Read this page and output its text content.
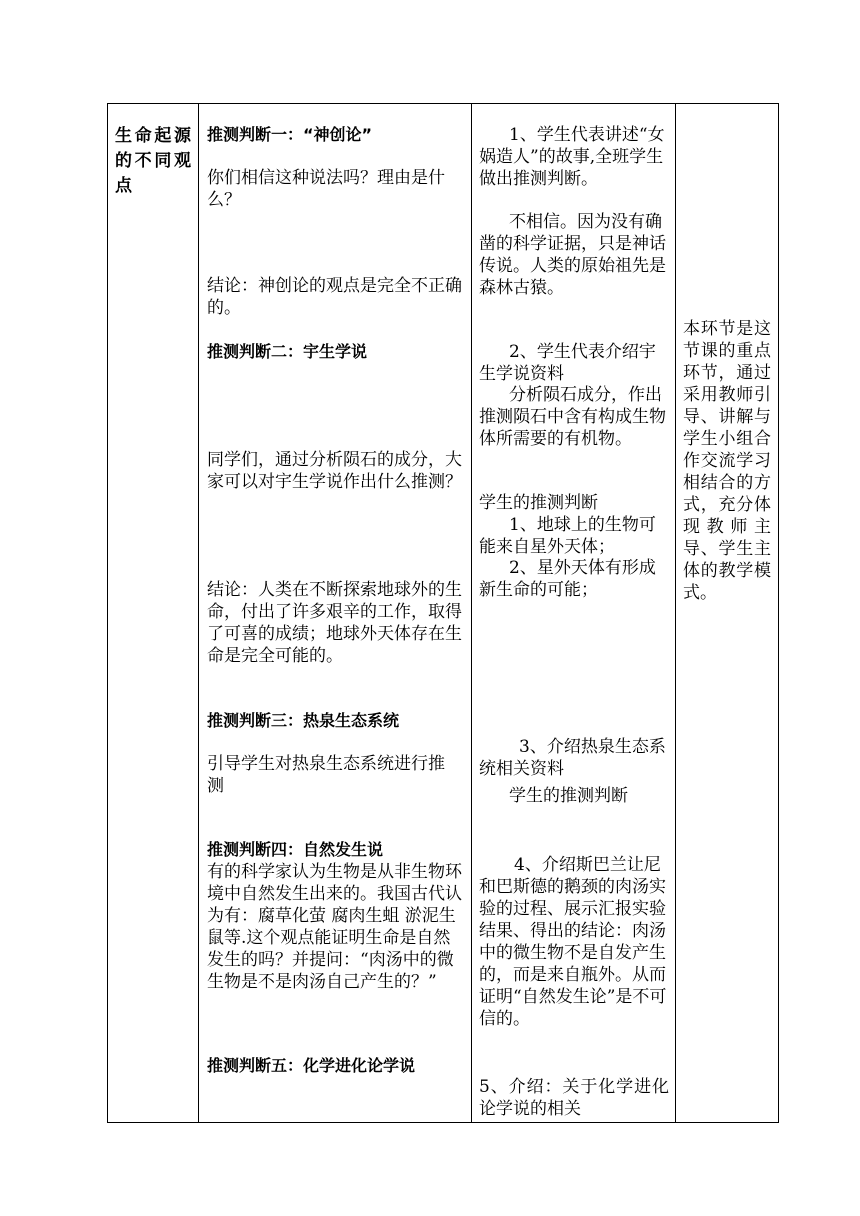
生命起源的不同观点

推测判断一：“神创论”

你们相信这种说法吗？理由是什么？

结论：神创论的观点是完全不正确的。

推测判断二：宇生学说

同学们，通过分析陨石的成分，大家可以对宇生学说作出什么推测？

结论：人类在不断探索地球外的生命，付出了许多艰辛的工作，取得了可喜的成绩；地球外天体存在生命是完全可能的。

推测判断三：热泉生态系统

引导学生对热泉生态系统进行推测

推测判断四：自然发生说

有的科学家认为生物是从非生物环境中自然发生出来的。我国古代认为有：腐草化萤 腐肉生蛆 淤泥生鼠等.这个观点能证明生命是自然发生的吗？并提问：“肉汤中的微生物是不是肉汤自己产生的？”

推测判断五：化学进化论学说

1、学生代表讲述“女娲造人”的故事,全班学生做出推测判断。

不相信。因为没有确凿的科学证据，只是神话传说。人类的原始祖先是森林古猿。

2、学生代表介绍宇生学说资料

分析陨石成分，作出推测陨石中含有构成生物体所需要的有机物。

学生的推测判断

1、地球上的生物可能来自星外天体；

2、星外天体有形成新生命的可能；

3、介绍热泉生态系统相关资料

学生的推测判断

4、介绍斯巴兰让尼和巴斯德的鹅颈的肉汤实验的过程、展示汇报实验结果、得出的结论：肉汤中的微生物不是自发产生的，而是来自瓶外。从而证明“自然发生论”是不可信的。

5、介绍：关于化学进化论学说的相关

本环节是这节课的重点环节，通过采用教师引导、讲解与学生小组合作交流学习相结合的方式，充分体现教师主导、学生主体的教学模式。
